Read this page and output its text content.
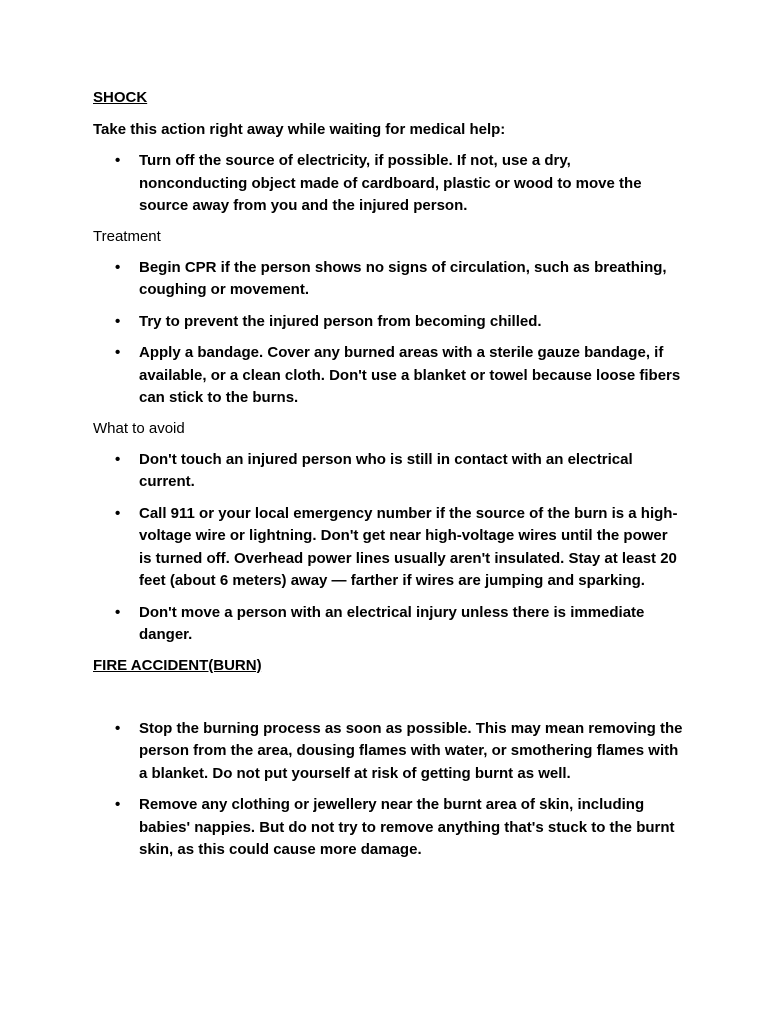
SHOCK
Take this action right away while waiting for medical help:
• Turn off the source of electricity, if possible. If not, use a dry, nonconducting object made of cardboard, plastic or wood to move the source away from you and the injured person.
Treatment
• Begin CPR if the person shows no signs of circulation, such as breathing, coughing or movement.
• Try to prevent the injured person from becoming chilled.
• Apply a bandage. Cover any burned areas with a sterile gauze bandage, if available, or a clean cloth. Don't use a blanket or towel because loose fibers can stick to the burns.
What to avoid
• Don't touch an injured person who is still in contact with an electrical current.
• Call 911 or your local emergency number if the source of the burn is a high-voltage wire or lightning. Don't get near high-voltage wires until the power is turned off. Overhead power lines usually aren't insulated. Stay at least 20 feet (about 6 meters) away — farther if wires are jumping and sparking.
• Don't move a person with an electrical injury unless there is immediate danger.
FIRE ACCIDENT(BURN)
• Stop the burning process as soon as possible. This may mean removing the person from the area, dousing flames with water, or smothering flames with a blanket. Do not put yourself at risk of getting burnt as well.
• Remove any clothing or jewellery near the burnt area of skin, including babies' nappies. But do not try to remove anything that's stuck to the burnt skin, as this could cause more damage.
